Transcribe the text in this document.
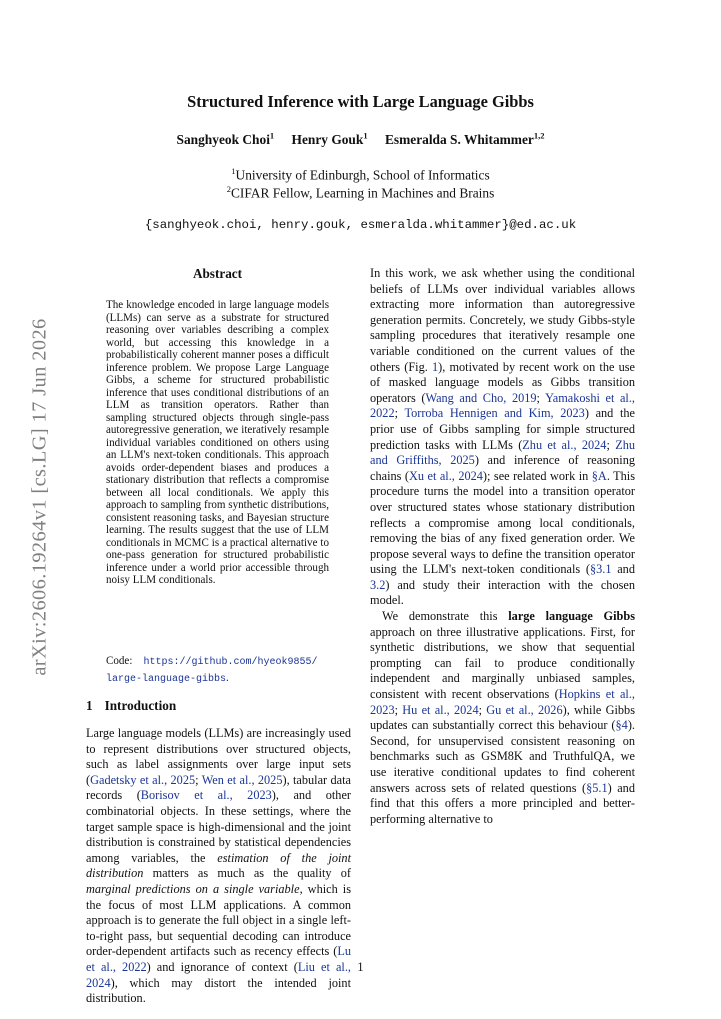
arXiv:2606.19264v1 [cs.LG] 17 Jun 2026
Structured Inference with Large Language Gibbs
Sanghyeok Choi$^1$ Henry Gouk$^1$ Esmeralda S. Whitammer$^{1,2}$
$^1$University of Edinburgh, School of Informatics
$^2$CIFAR Fellow, Learning in Machines and Brains
{sanghyeok.choi, henry.gouk, esmeralda.whitammer}@ed.ac.uk
Abstract

The knowledge encoded in large language models (LLMs) can serve as a substrate for structured reasoning over variables describing a complex world, but accessing this knowledge in a probabilistically coherent manner poses a difficult inference problem. We propose Large Language Gibbs, a scheme for structured probabilistic inference that uses conditional distributions of an LLM as transition operators. Rather than sampling structured objects through single-pass autoregressive generation, we iteratively resample individual variables conditioned on others using an LLM's next-token conditionals. This approach avoids order-dependent biases and produces a stationary distribution that reflects a compromise between all local conditionals. We apply this approach to sampling from synthetic distributions, consistent reasoning tasks, and Bayesian structure learning. The results suggest that the use of LLM conditionals in MCMC is a practical alternative to one-pass generation for structured probabilistic inference under a world prior accessible through noisy LLM conditionals.

Code: https://github.com/hyeok9855/
large-language-gibbs.
1 Introduction

Large language models (LLMs) are increasingly used to represent distributions over structured objects, such as label assignments over large input sets (Gadetsky et al., 2025; Wen et al., 2025), tabular data records (Borisov et al., 2023), and other combinatorial objects. In these settings, where the target sample space is high-dimensional and the joint distribution is constrained by statistical dependencies among variables, the estimation of the joint distribution matters as much as the quality of marginal predictions on a single variable, which is the focus of most LLM applications. A common approach is to generate the full object in a single left-to-right pass, but sequential decoding can introduce order-dependent artifacts such as recency effects (Lu et al., 2022) and ignorance of context (Liu et al., 2024), which may distort the intended joint distribution.

In this work, we ask whether using the conditional beliefs of LLMs over individual variables allows extracting more information than autoregressive generation permits. Concretely, we study Gibbs-style sampling procedures that iteratively resample one variable conditioned on the current values of the others (Fig. 1), motivated by recent work on the use of masked language models as Gibbs transition operators (Wang and Cho, 2019; Yamakoshi et al., 2022; Torroba Hennigen and Kim, 2023) and the prior use of Gibbs sampling for simple structured prediction tasks with LLMs (Zhu et al., 2024; Zhu and Griffiths, 2025) and inference of reasoning chains (Xu et al., 2024); see related work in §A. This procedure turns the model into a transition operator over structured states whose stationary distribution reflects a compromise among local conditionals, removing the bias of any fixed generation order. We propose several ways to define the transition operator using the LLM's next-token conditionals (§3.1 and 3.2) and study their interaction with the chosen model.

We demonstrate this large language Gibbs approach on three illustrative applications. First, for synthetic distributions, we show that sequential prompting can fail to produce conditionally independent and marginally unbiased samples, consistent with recent observations (Hopkins et al., 2023; Hu et al., 2024; Gu et al., 2026), while Gibbs updates can substantially correct this behaviour (§4). Second, for unsupervised consistent reasoning on benchmarks such as GSM8K and TruthfulQA, we use iterative conditional updates to find coherent answers across sets of related questions (§5.1) and find that this offers a more principled and better-performing alternative to

1
